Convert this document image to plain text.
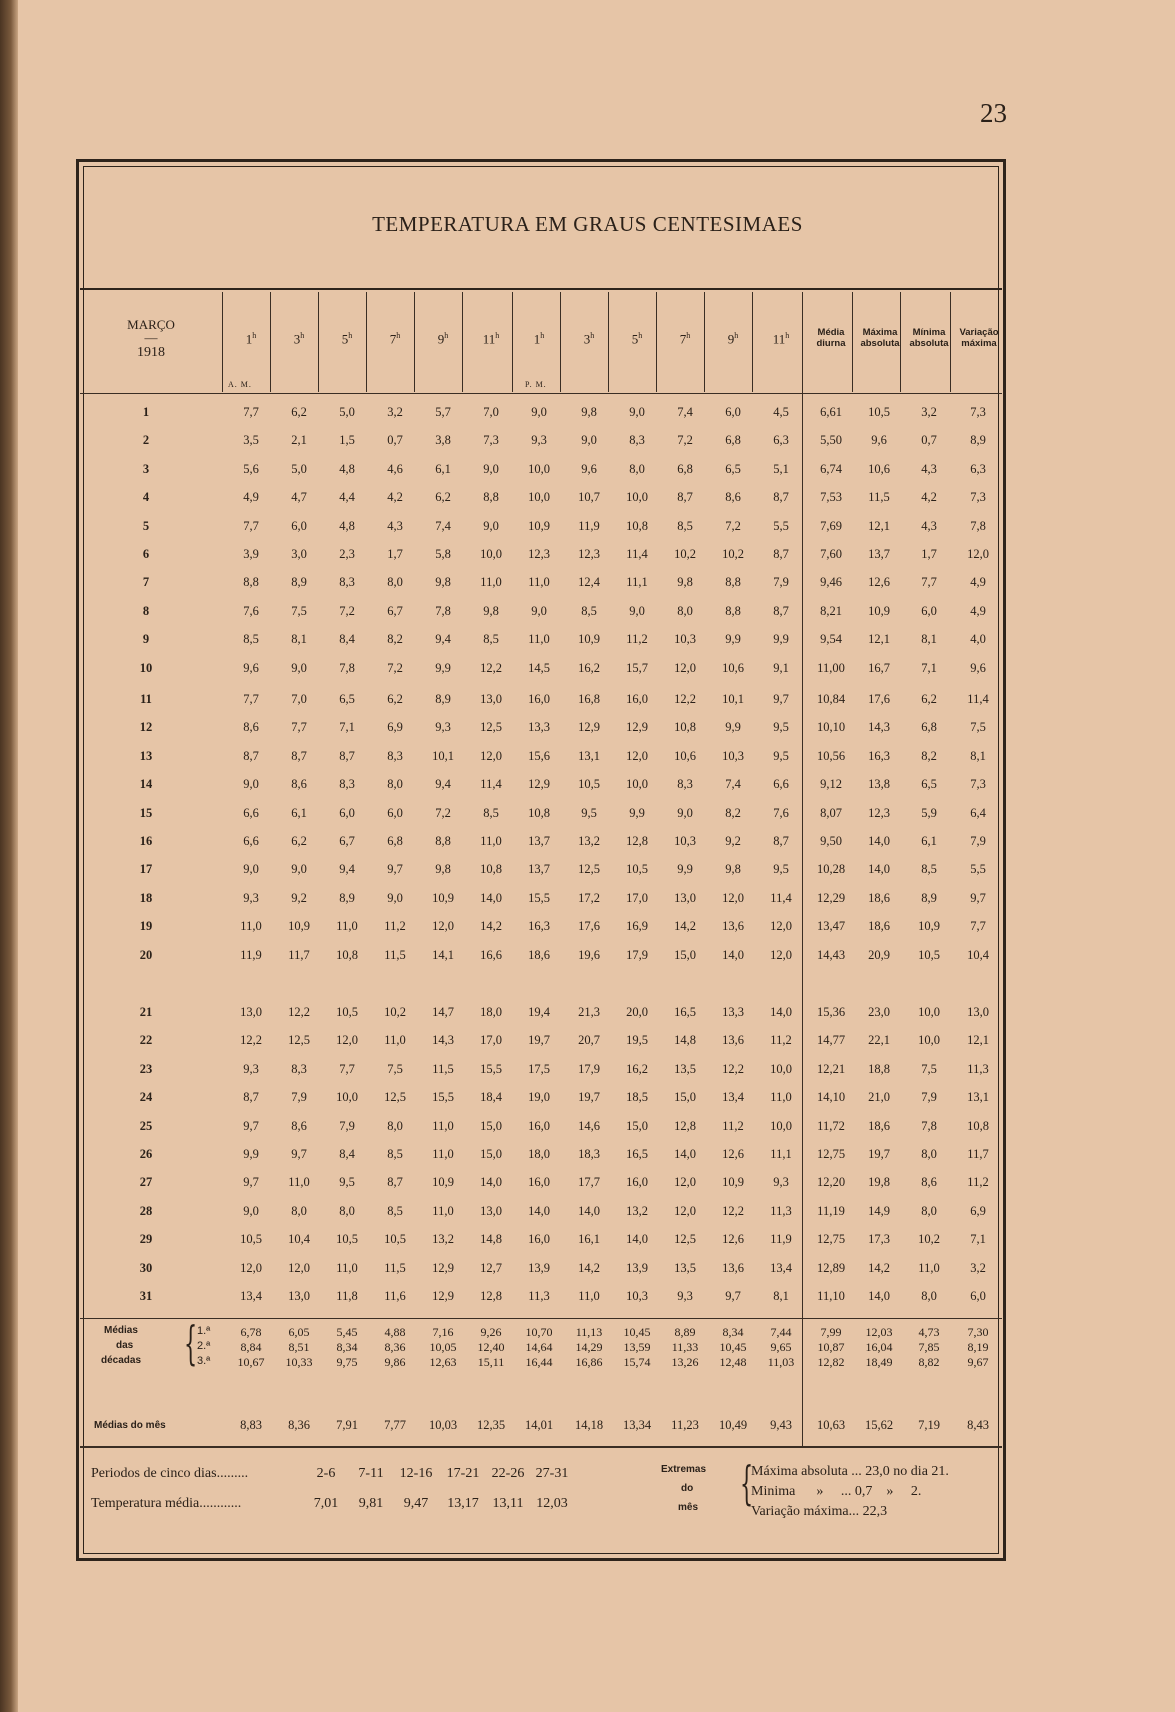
23
TEMPERATURA EM GRAUS CENTESIMAES
MARÇO
—
1918
1$^h$	3$^h$	5$^h$	7$^h$	9$^h$	11$^h$	1$^h$	3$^h$	5$^h$	7$^h$	9$^h$	11$^h$
A. M.	P. M.
Média diurna
Máxima absoluta
Mínima absoluta
Variação máxima
1	7,7	6,2	5,0	3,2	5,7	7,0	9,0	9,8	9,0	7,4	6,0	4,5	6,61	10,5	3,2	7,3
2	3,5	2,1	1,5	0,7	3,8	7,3	9,3	9,0	8,3	7,2	6,8	6,3	5,50	9,6	0,7	8,9
3	5,6	5,0	4,8	4,6	6,1	9,0	10,0	9,6	8,0	6,8	6,5	5,1	6,74	10,6	4,3	6,3
4	4,9	4,7	4,4	4,2	6,2	8,8	10,0	10,7	10,0	8,7	8,6	8,7	7,53	11,5	4,2	7,3
5	7,7	6,0	4,8	4,3	7,4	9,0	10,9	11,9	10,8	8,5	7,2	5,5	7,69	12,1	4,3	7,8
6	3,9	3,0	2,3	1,7	5,8	10,0	12,3	12,3	11,4	10,2	10,2	8,7	7,60	13,7	1,7	12,0
7	8,8	8,9	8,3	8,0	9,8	11,0	11,0	12,4	11,1	9,8	8,8	7,9	9,46	12,6	7,7	4,9
8	7,6	7,5	7,2	6,7	7,8	9,8	9,0	8,5	9,0	8,0	8,8	8,7	8,21	10,9	6,0	4,9
9	8,5	8,1	8,4	8,2	9,4	8,5	11,0	10,9	11,2	10,3	9,9	9,9	9,54	12,1	8,1	4,0
10	9,6	9,0	7,8	7,2	9,9	12,2	14,5	16,2	15,7	12,0	10,6	9,1	11,00	16,7	7,1	9,6
11	7,7	7,0	6,5	6,2	8,9	13,0	16,0	16,8	16,0	12,2	10,1	9,7	10,84	17,6	6,2	11,4
12	8,6	7,7	7,1	6,9	9,3	12,5	13,3	12,9	12,9	10,8	9,9	9,5	10,10	14,3	6,8	7,5
13	8,7	8,7	8,7	8,3	10,1	12,0	15,6	13,1	12,0	10,6	10,3	9,5	10,56	16,3	8,2	8,1
14	9,0	8,6	8,3	8,0	9,4	11,4	12,9	10,5	10,0	8,3	7,4	6,6	9,12	13,8	6,5	7,3
15	6,6	6,1	6,0	6,0	7,2	8,5	10,8	9,5	9,9	9,0	8,2	7,6	8,07	12,3	5,9	6,4
16	6,6	6,2	6,7	6,8	8,8	11,0	13,7	13,2	12,8	10,3	9,2	8,7	9,50	14,0	6,1	7,9
17	9,0	9,0	9,4	9,7	9,8	10,8	13,7	12,5	10,5	9,9	9,8	9,5	10,28	14,0	8,5	5,5
18	9,3	9,2	8,9	9,0	10,9	14,0	15,5	17,2	17,0	13,0	12,0	11,4	12,29	18,6	8,9	9,7
19	11,0	10,9	11,0	11,2	12,0	14,2	16,3	17,6	16,9	14,2	13,6	12,0	13,47	18,6	10,9	7,7
20	11,9	11,7	10,8	11,5	14,1	16,6	18,6	19,6	17,9	15,0	14,0	12,0	14,43	20,9	10,5	10,4
21	13,0	12,2	10,5	10,2	14,7	18,0	19,4	21,3	20,0	16,5	13,3	14,0	15,36	23,0	10,0	13,0
22	12,2	12,5	12,0	11,0	14,3	17,0	19,7	20,7	19,5	14,8	13,6	11,2	14,77	22,1	10,0	12,1
23	9,3	8,3	7,7	7,5	11,5	15,5	17,5	17,9	16,2	13,5	12,2	10,0	12,21	18,8	7,5	11,3
24	8,7	7,9	10,0	12,5	15,5	18,4	19,0	19,7	18,5	15,0	13,4	11,0	14,10	21,0	7,9	13,1
25	9,7	8,6	7,9	8,0	11,0	15,0	16,0	14,6	15,0	12,8	11,2	10,0	11,72	18,6	7,8	10,8
26	9,9	9,7	8,4	8,5	11,0	15,0	18,0	18,3	16,5	14,0	12,6	11,1	12,75	19,7	8,0	11,7
27	9,7	11,0	9,5	8,7	10,9	14,0	16,0	17,7	16,0	12,0	10,9	9,3	12,20	19,8	8,6	11,2
28	9,0	8,0	8,0	8,5	11,0	13,0	14,0	14,0	13,2	12,0	12,2	11,3	11,19	14,9	8,0	6,9
29	10,5	10,4	10,5	10,5	13,2	14,8	16,0	16,1	14,0	12,5	12,6	11,9	12,75	17,3	10,2	7,1
30	12,0	12,0	11,0	11,5	12,9	12,7	13,9	14,2	13,9	13,5	13,6	13,4	12,89	14,2	11,0	3,2
31	13,4	13,0	11,8	11,6	12,9	12,8	11,3	11,0	10,3	9,3	9,7	8,1	11,10	14,0	8,0	6,0
Médias
das
décadas { 1.ª
2.ª
3.ª
6,78	6,05	5,45	4,88	7,16	9,26	10,70	11,13	10,45	8,89	8,34	7,44	7,99	12,03	4,73	7,30
8,84	8,51	8,34	8,36	10,05	12,40	14,64	14,29	13,59	11,33	10,45	9,65	10,87	16,04	7,85	8,19
10,67	10,33	9,75	9,86	12,63	15,11	16,44	16,86	15,74	13,26	12,48	11,03	12,82	18,49	8,82	9,67
Médias do mês	8,83	8,36	7,91	7,77	10,03	12,35	14,01	14,18	13,34	11,23	10,49	9,43	10,63	15,62	7,19	8,43
Periodos de cinco dias.........
Temperatura média............
2-6	7-11	12-16	17-21 22-26 27-31
7,01	9,81	9,47	13,17 13,11 12,03
Extremas
do
mês {
Máxima absoluta ... 23,0 no dia 21.
Minima      »     ... 0,7    »     2.
Variação máxima... 22,3
